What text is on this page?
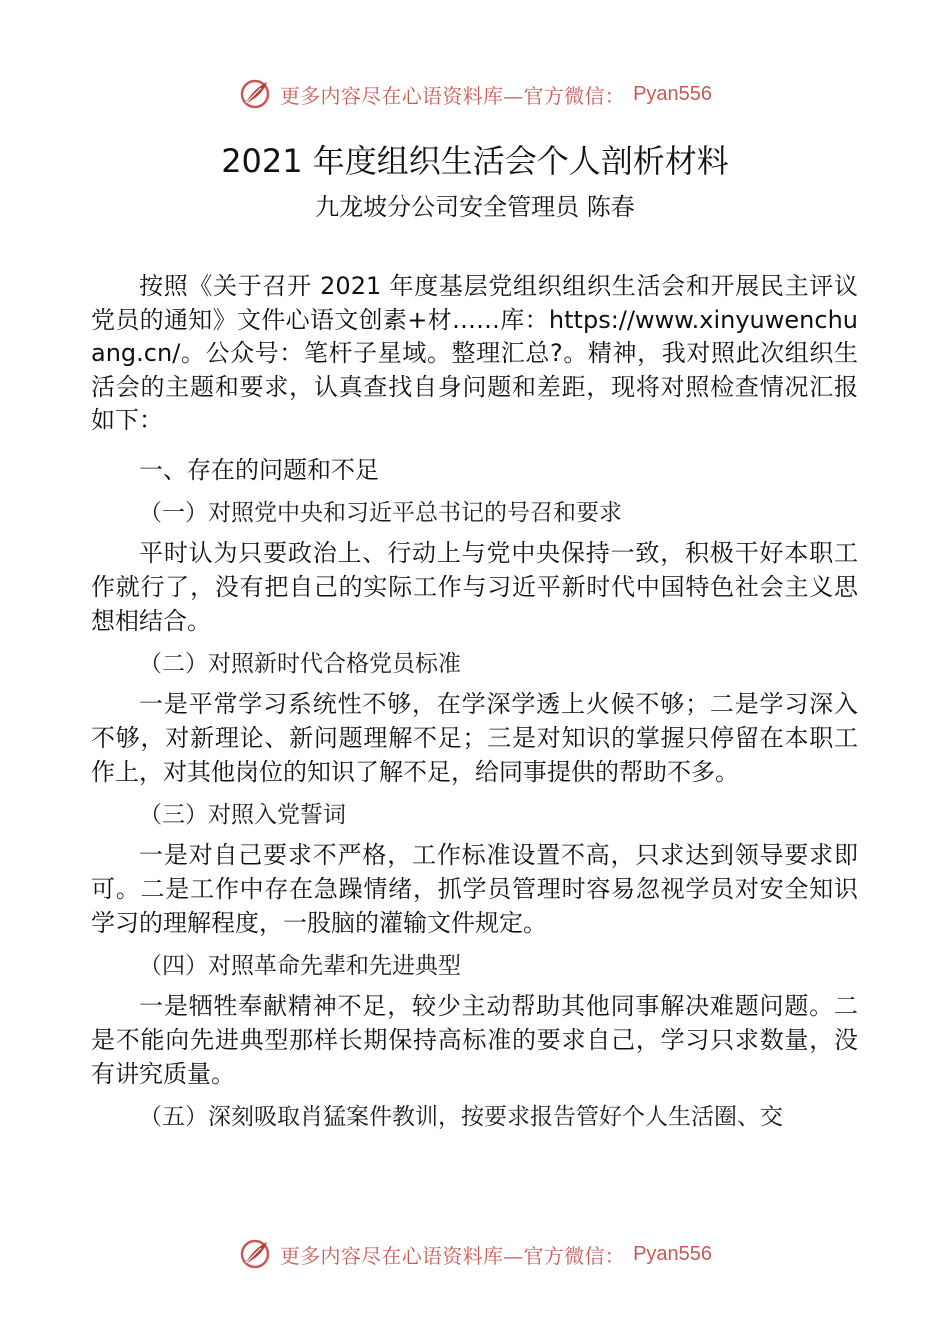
更多内容尽在心语资料库—官方微信： Pyan556
2021 年度组织生活会个人剖析材料
九龙坡分公司安全管理员 陈春

按照《关于召开 2021 年度基层党组织组织生活会和开展民主评议党员的通知》文件心语文创素+材……库：https://www.xinyuwenchuang.cn/。公众号：笔杆子星域。整理汇总?。精神，我对照此次组织生活会的主题和要求，认真查找自身问题和差距，现将对照检查情况汇报如下：

一、存在的问题和不足
（一）对照党中央和习近平总书记的号召和要求

平时认为只要政治上、行动上与党中央保持一致，积极干好本职工作就行了，没有把自己的实际工作与习近平新时代中国特色社会主义思想相结合。

（二）对照新时代合格党员标准

一是平常学习系统性不够，在学深学透上火候不够；二是学习深入不够，对新理论、新问题理解不足；三是对知识的掌握只停留在本职工作上，对其他岗位的知识了解不足，给同事提供的帮助不多。

（三）对照入党誓词

一是对自己要求不严格，工作标准设置不高，只求达到领导要求即可。二是工作中存在急躁情绪，抓学员管理时容易忽视学员对安全知识学习的理解程度，一股脑的灌输文件规定。

（四）对照革命先辈和先进典型

一是牺牲奉献精神不足，较少主动帮助其他同事解决难题问题。二是不能向先进典型那样长期保持高标准的要求自己，学习只求数量，没有讲究质量。

（五）深刻吸取肖猛案件教训，按要求报告管好个人生活圈、交
更多内容尽在心语资料库—官方微信： Pyan556
